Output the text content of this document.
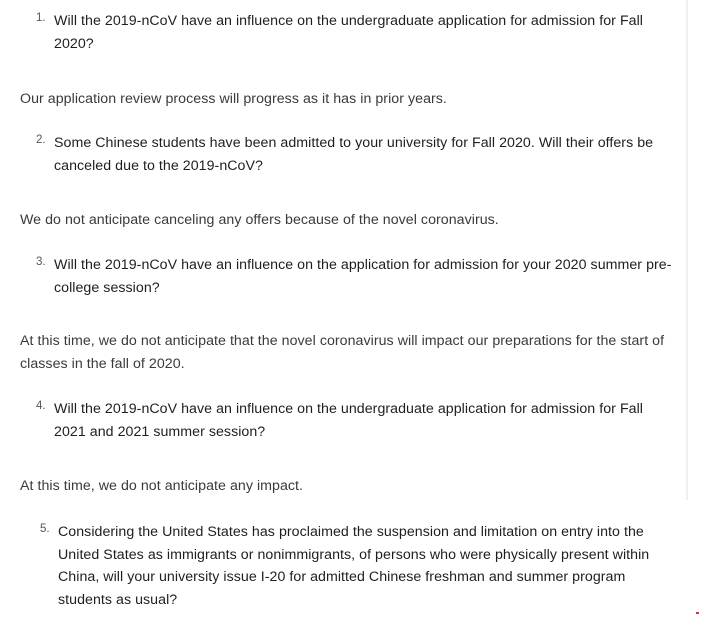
1. Will the 2019-nCoV have an influence on the undergraduate application for admission for Fall 2020?
Our application review process will progress as it has in prior years.
2. Some Chinese students have been admitted to your university for Fall 2020. Will their offers be canceled due to the 2019-nCoV?
We do not anticipate canceling any offers because of the novel coronavirus.
3. Will the 2019-nCoV have an influence on the application for admission for your 2020 summer pre-college session?
At this time, we do not anticipate that the novel coronavirus will impact our preparations for the start of classes in the fall of 2020.
4. Will the 2019-nCoV have an influence on the undergraduate application for admission for Fall 2021 and 2021 summer session?
At this time, we do not anticipate any impact.
5. Considering the United States has proclaimed the suspension and limitation on entry into the United States as immigrants or nonimmigrants, of persons who were physically present within China, will your university issue I-20 for admitted Chinese freshman and summer program students as usual?
